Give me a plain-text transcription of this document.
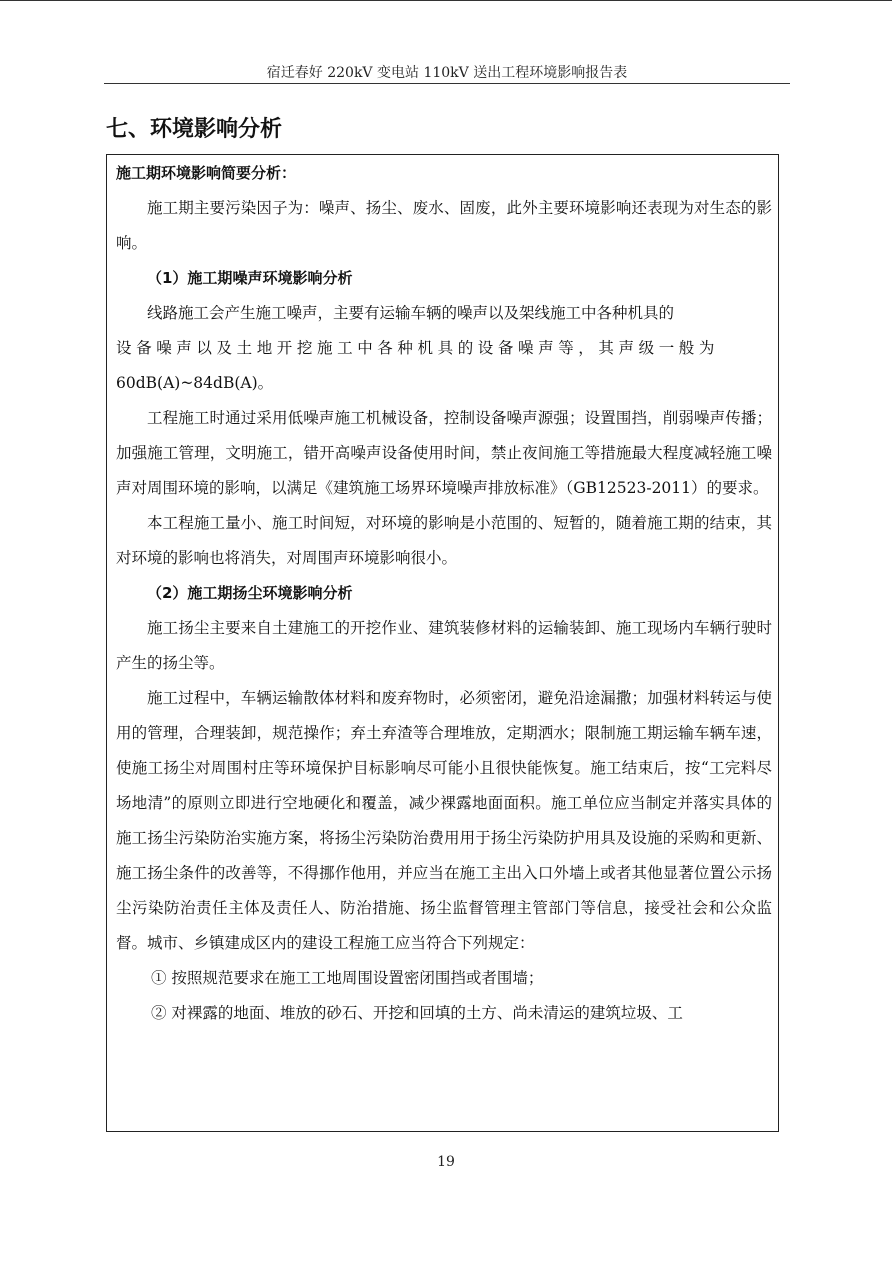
宿迁春好 220kV 变电站 110kV 送出工程环境影响报告表
七、环境影响分析

施工期环境影响简要分析：

施工期主要污染因子为：噪声、扬尘、废水、固废，此外主要环境影响还表现为对生态的影响。

（1）施工期噪声环境影响分析

线路施工会产生施工噪声，主要有运输车辆的噪声以及架线施工中各种机具的

设备噪声以及土地开挖施工中各种机具的设备噪声等，其声级一般为

60dB(A)~84dB(A)。

工程施工时通过采用低噪声施工机械设备，控制设备噪声源强；设置围挡，削弱噪声传播；加强施工管理，文明施工，错开高噪声设备使用时间，禁止夜间施工等措施最大程度减轻施工噪声对周围环境的影响，以满足《建筑施工场界环境噪声排放标准》（GB12523-2011）的要求。

本工程施工量小、施工时间短，对环境的影响是小范围的、短暂的，随着施工期的结束，其对环境的影响也将消失，对周围声环境影响很小。

（2）施工期扬尘环境影响分析

施工扬尘主要来自土建施工的开挖作业、建筑装修材料的运输装卸、施工现场内车辆行驶时产生的扬尘等。

施工过程中，车辆运输散体材料和废弃物时，必须密闭，避免沿途漏撒；加强材料转运与使用的管理，合理装卸，规范操作；弃土弃渣等合理堆放，定期洒水；限制施工期运输车辆车速，使施工扬尘对周围村庄等环境保护目标影响尽可能小且很快能恢复。施工结束后，按“工完料尽场地清”的原则立即进行空地硬化和覆盖，减少裸露地面面积。施工单位应当制定并落实具体的施工扬尘污染防治实施方案，将扬尘污染防治费用用于扬尘污染防护用具及设施的采购和更新、施工扬尘条件的改善等，不得挪作他用，并应当在施工主出入口外墙上或者其他显著位置公示扬尘污染防治责任主体及责任人、防治措施、扬尘监督管理主管部门等信息，接受社会和公众监督。城市、乡镇建成区内的建设工程施工应当符合下列规定：

① 按照规范要求在施工工地周围设置密闭围挡或者围墙；

② 对裸露的地面、堆放的砂石、开挖和回填的土方、尚未清运的建筑垃圾、工

19
